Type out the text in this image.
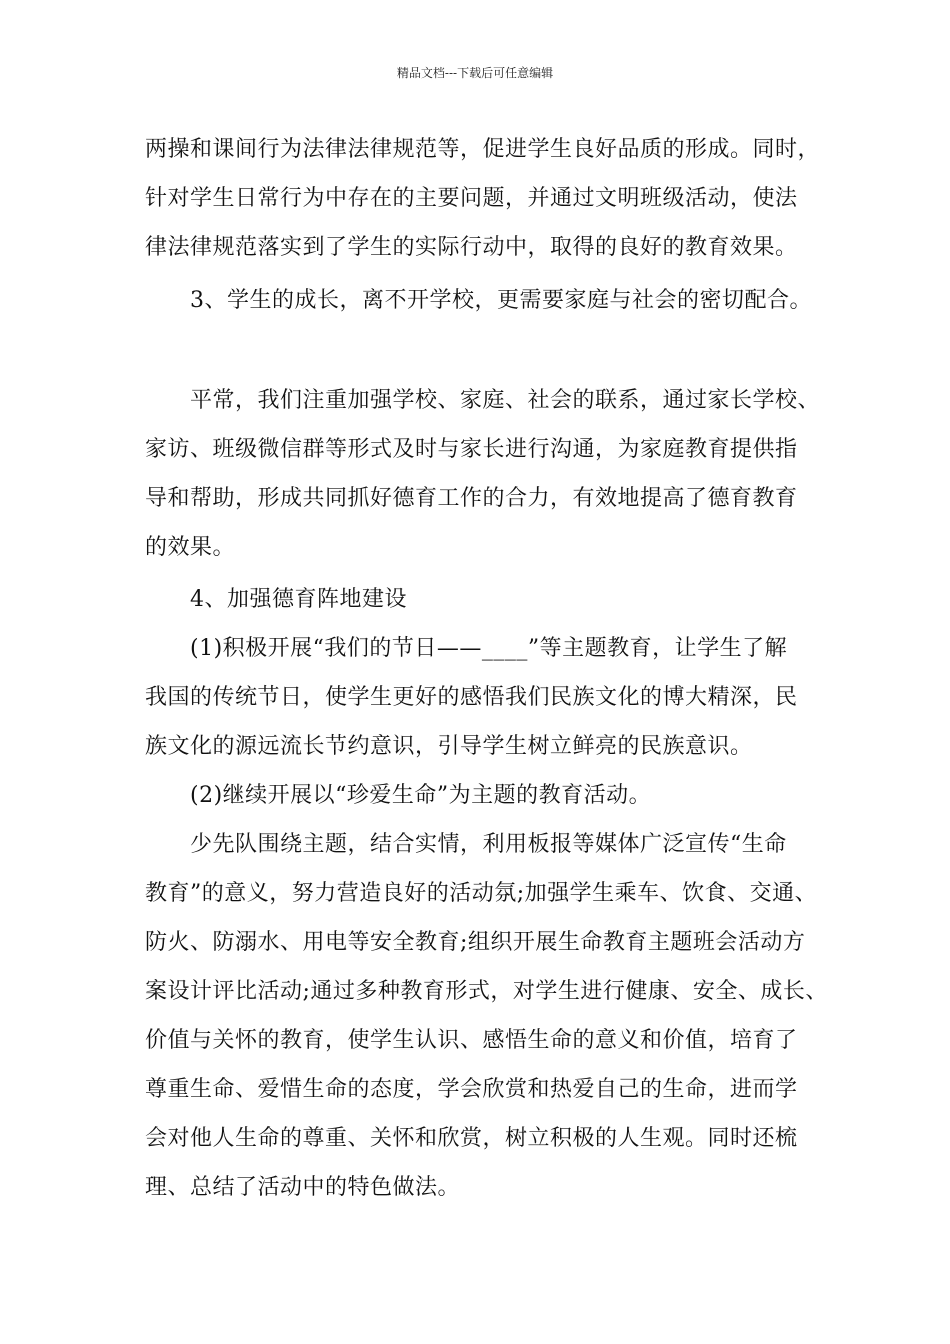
精品文档---下载后可任意编辑
两操和课间行为法律法律规范等，促进学生良好品质的形成。同时，
针对学生日常行为中存在的主要问题，并通过文明班级活动，使法
律法律规范落实到了学生的实际行动中，取得的良好的教育效果。
3、学生的成长，离不开学校，更需要家庭与社会的密切配合。
平常，我们注重加强学校、家庭、社会的联系，通过家长学校、
家访、班级微信群等形式及时与家长进行沟通，为家庭教育提供指
导和帮助，形成共同抓好德育工作的合力，有效地提高了德育教育
的效果。
4、加强德育阵地建设
(1)积极开展“我们的节日——____”等主题教育，让学生了解
我国的传统节日，使学生更好的感悟我们民族文化的博大精深，民
族文化的源远流长节约意识，引导学生树立鲜亮的民族意识。
(2)继续开展以“珍爱生命”为主题的教育活动。
少先队围绕主题，结合实情，利用板报等媒体广泛宣传“生命
教育”的意义，努力营造良好的活动氛;加强学生乘车、饮食、交通、
防火、防溺水、用电等安全教育;组织开展生命教育主题班会活动方
案设计评比活动;通过多种教育形式，对学生进行健康、安全、成长、
价值与关怀的教育，使学生认识、感悟生命的意义和价值，培育了
尊重生命、爱惜生命的态度，学会欣赏和热爱自己的生命，进而学
会对他人生命的尊重、关怀和欣赏，树立积极的人生观。同时还梳
理、总结了活动中的特色做法。
